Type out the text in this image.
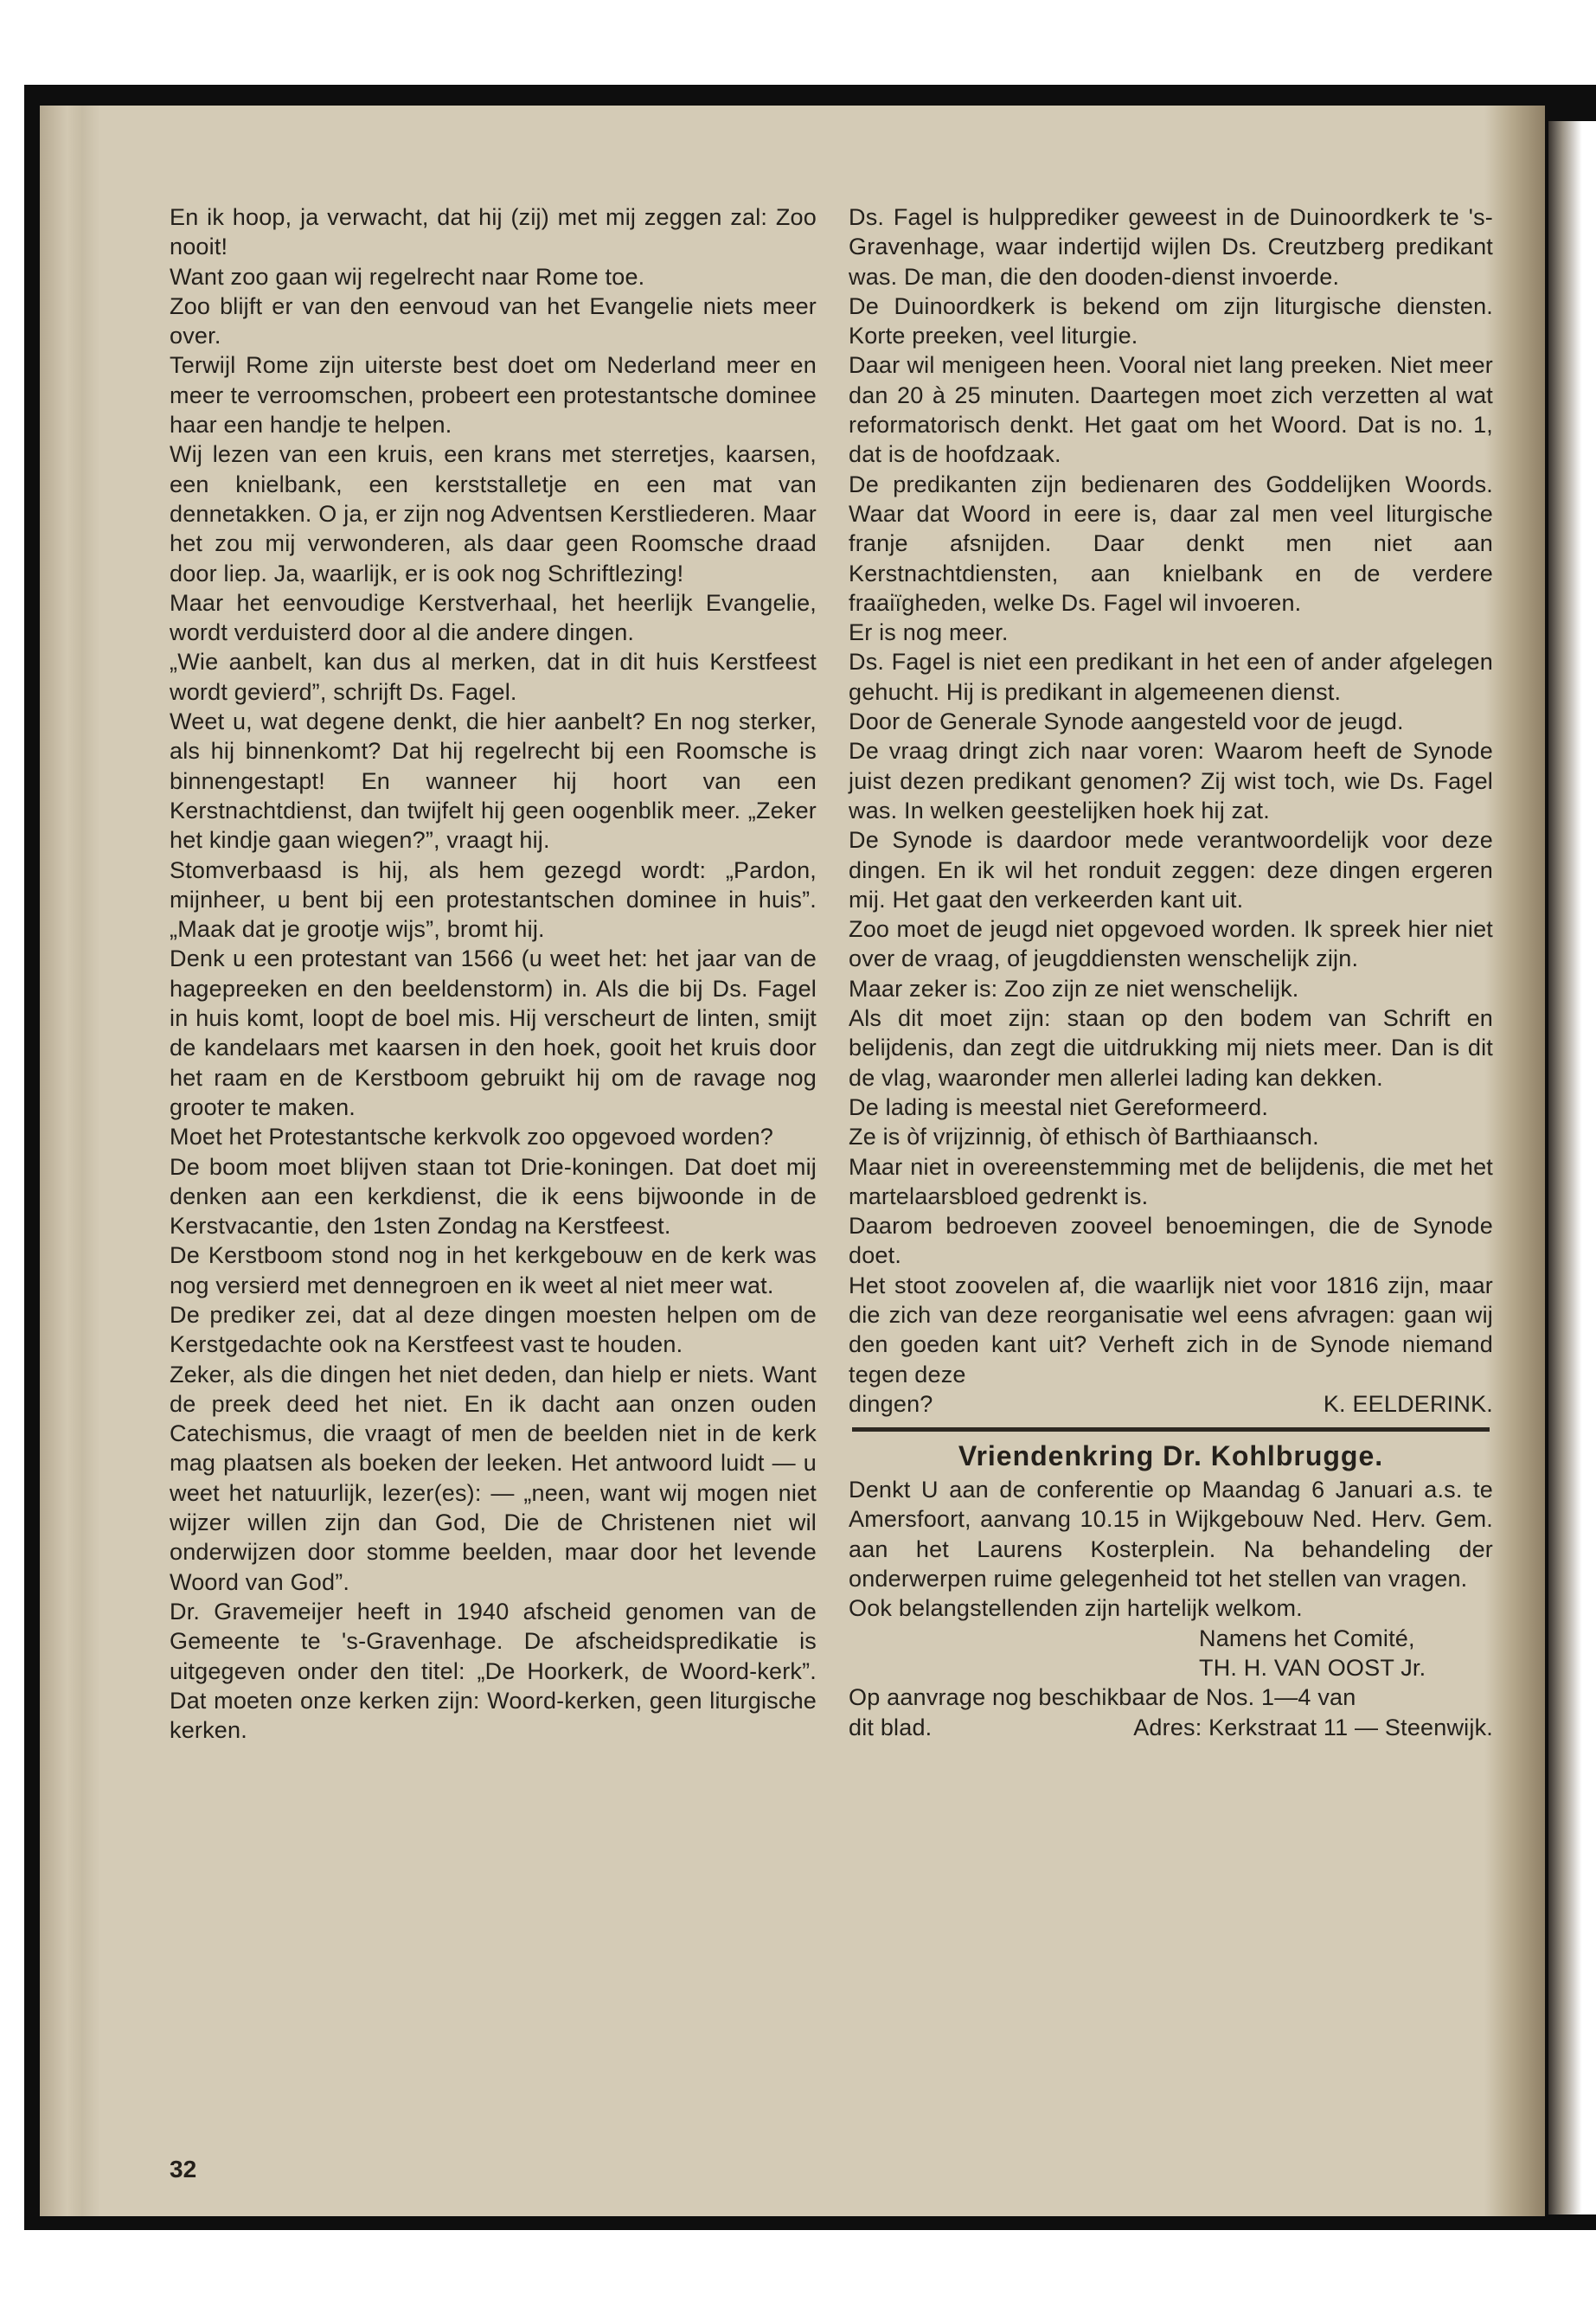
En ik hoop, ja verwacht, dat hij (zij) met mij zeggen zal: Zoo nooit!

Want zoo gaan wij regelrecht naar Rome toe.

Zoo blijft er van den eenvoud van het Evangelie niets meer over.

Terwijl Rome zijn uiterste best doet om Nederland meer en meer te verroomschen, probeert een protestantsche dominee haar een handje te helpen.

Wij lezen van een kruis, een krans met sterretjes, kaarsen, een knielbank, een kerststalletje en een mat van dennetakken. O ja, er zijn nog Adventsen Kerstliederen. Maar het zou mij verwonderen, als daar geen Roomsche draad door liep. Ja, waarlijk, er is ook nog Schriftlezing!

Maar het eenvoudige Kerstverhaal, het heerlijk Evangelie, wordt verduisterd door al die andere dingen.

„Wie aanbelt, kan dus al merken, dat in dit huis Kerstfeest wordt gevierd”, schrijft Ds. Fagel.

Weet u, wat degene denkt, die hier aanbelt? En nog sterker, als hij binnenkomt? Dat hij regelrecht bij een Roomsche is binnengestapt! En wanneer hij hoort van een Kerstnachtdienst, dan twijfelt hij geen oogenblik meer. „Zeker het kindje gaan wiegen?”, vraagt hij.

Stomverbaasd is hij, als hem gezegd wordt: „Pardon, mijnheer, u bent bij een protestantschen dominee in huis”. „Maak dat je grootje wijs”, bromt hij.

Denk u een protestant van 1566 (u weet het: het jaar van de hagepreeken en den beeldenstorm) in. Als die bij Ds. Fagel in huis komt, loopt de boel mis. Hij verscheurt de linten, smijt de kandelaars met kaarsen in den hoek, gooit het kruis door het raam en de Kerstboom gebruikt hij om de ravage nog grooter te maken.

Moet het Protestantsche kerkvolk zoo opgevoed worden?

De boom moet blijven staan tot Drie-koningen. Dat doet mij denken aan een kerkdienst, die ik eens bijwoonde in de Kerstvacantie, den 1sten Zondag na Kerstfeest.

De Kerstboom stond nog in het kerkgebouw en de kerk was nog versierd met dennegroen en ik weet al niet meer wat.

De prediker zei, dat al deze dingen moesten helpen om de Kerstgedachte ook na Kerstfeest vast te houden.

Zeker, als die dingen het niet deden, dan hielp er niets. Want de preek deed het niet. En ik dacht aan onzen ouden Catechismus, die vraagt of men de beelden niet in de kerk mag plaatsen als boeken der leeken. Het antwoord luidt — u weet het natuurlijk, lezer(es): — „neen, want wij mogen niet wijzer willen zijn dan God, Die de Christenen niet wil onderwijzen door stomme beelden, maar door het levende Woord van God”.

Dr. Gravemeijer heeft in 1940 afscheid genomen van de Gemeente te 's-Gravenhage. De afscheidspredikatie is uitgegeven onder den titel: „De Hoorkerk, de Woord-kerk”. Dat moeten onze kerken zijn: Woord-kerken, geen liturgische kerken.

Ds. Fagel is hulpprediker geweest in de Duinoordkerk te 's-Gravenhage, waar indertijd wijlen Ds. Creutzberg predikant was. De man, die den dooden-dienst invoerde.

De Duinoordkerk is bekend om zijn liturgische diensten. Korte preeken, veel liturgie.

Daar wil menigeen heen. Vooral niet lang preeken. Niet meer dan 20 à 25 minuten. Daartegen moet zich verzetten al wat reformatorisch denkt. Het gaat om het Woord. Dat is no. 1, dat is de hoofdzaak.

De predikanten zijn bedienaren des Goddelijken Woords. Waar dat Woord in eere is, daar zal men veel liturgische franje afsnijden. Daar denkt men niet aan Kerstnachtdiensten, aan knielbank en de verdere fraaiïgheden, welke Ds. Fagel wil invoeren.

Er is nog meer.

Ds. Fagel is niet een predikant in het een of ander afgelegen gehucht. Hij is predikant in algemeenen dienst.

Door de Generale Synode aangesteld voor de jeugd.

De vraag dringt zich naar voren: Waarom heeft de Synode juist dezen predikant genomen? Zij wist toch, wie Ds. Fagel was. In welken geestelijken hoek hij zat.

De Synode is daardoor mede verantwoordelijk voor deze dingen. En ik wil het ronduit zeggen: deze dingen ergeren mij. Het gaat den verkeerden kant uit.

Zoo moet de jeugd niet opgevoed worden. Ik spreek hier niet over de vraag, of jeugddiensten wenschelijk zijn.

Maar zeker is: Zoo zijn ze niet wenschelijk.

Als dit moet zijn: staan op den bodem van Schrift en belijdenis, dan zegt die uitdrukking mij niets meer. Dan is dit de vlag, waaronder men allerlei lading kan dekken.

De lading is meestal niet Gereformeerd.

Ze is òf vrijzinnig, òf ethisch òf Barthiaansch.

Maar niet in overeenstemming met de belijdenis, die met het martelaarsbloed gedrenkt is.

Daarom bedroeven zooveel benoemingen, die de Synode doet.

Het stoot zoovelen af, die waarlijk niet voor 1816 zijn, maar die zich van deze reorganisatie wel eens afvragen: gaan wij den goeden kant uit? Verheft zich in de Synode niemand tegen deze

dingen?	K. EELDERINK.
Vriendenkring Dr. Kohlbrugge.

Denkt U aan de conferentie op Maandag 6 Januari a.s. te Amersfoort, aanvang 10.15 in Wijkgebouw Ned. Herv. Gem. aan het Laurens Kosterplein. Na behandeling der onderwerpen ruime gelegenheid tot het stellen van vragen.

Ook belangstellenden zijn hartelijk welkom.

Namens het Comité,

TH. H. VAN OOST Jr.

Op aanvrage nog beschikbaar de Nos. 1—4 van

dit blad.	Adres: Kerkstraat 11 — Steenwijk.
32
